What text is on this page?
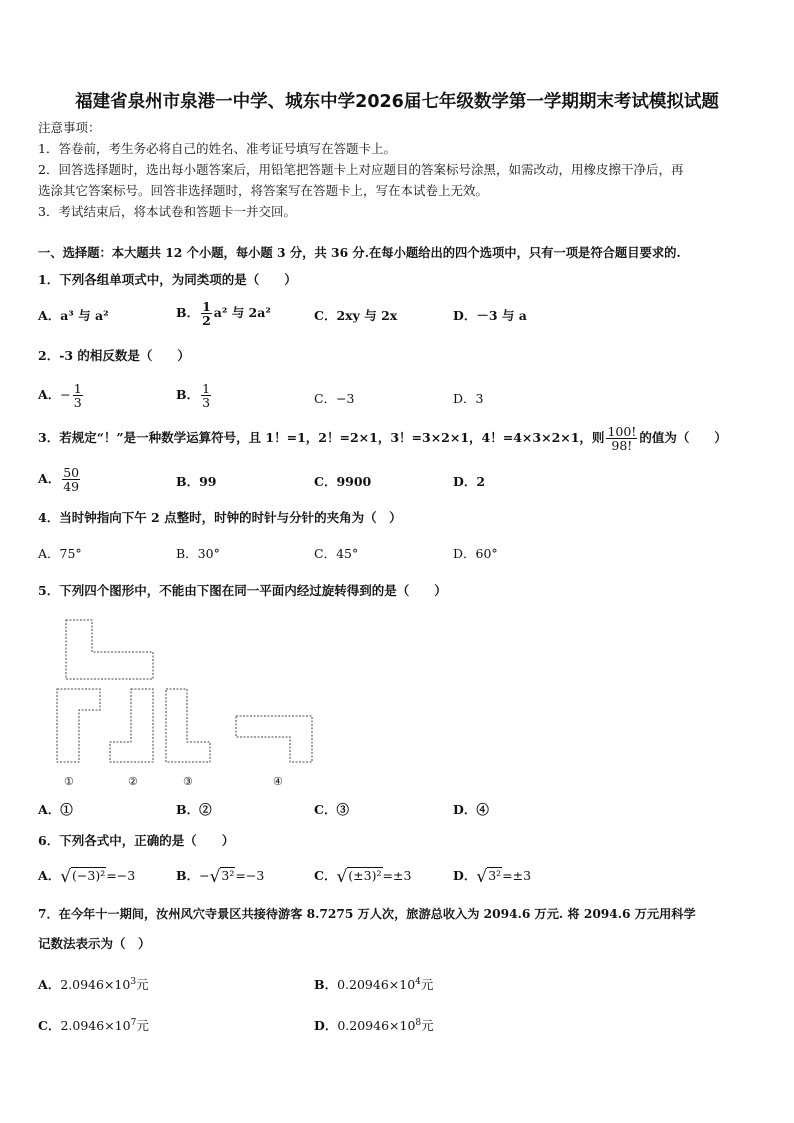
福建省泉州市泉港一中学、城东中学2026届七年级数学第一学期期末考试模拟试题
注意事项：
1．答卷前，考生务必将自己的姓名、准考证号填写在答题卡上。
2．回答选择题时，选出每小题答案后，用铅笔把答题卡上对应题目的答案标号涂黑，如需改动，用橡皮擦干净后，再
选涂其它答案标号。回答非选择题时，将答案写在答题卡上，写在本试卷上无效。
3．考试结束后，将本试卷和答题卡一并交回。
一、选择题：本大题共 12 个小题，每小题 3 分，共 36 分.在每小题给出的四个选项中，只有一项是符合题目要求的.
1．下列各组单项式中，为同类项的是（　　）
A．a³ 与 a²	B． $\frac{1}{2} a^2$ 与 2a²	C．2xy 与 2x	D．－3 与 a
2．-3 的相反数是（　　）
A．− $\frac{1}{3}$	B． $\frac{1}{3}$	C．−3	D．3
3．若规定“！”是一种数学运算符号，且 1！=1，2！=2×1，3！=3×2×1，4！=4×3×2×1，则 $\frac{100!}{98!}$ 的值为（　　）
A． $\frac{50}{49}$	B．99	C．9900	D．2
4．当时钟指向下午 2 点整时，时钟的时针与分针的夹角为（　）
A．75°	B．30°	C．45°	D．60°
5．下列四个图形中，不能由下图在同一平面内经过旋转得到的是（　　）
①	②	③	④
A．①	B．②	C．③	D．④
6．下列各式中，正确的是（　　）
A．√(−3)²=−3	B．−√3²=−3	C．√(±3)²=±3	D．√3²=±3
7．在今年十一期间，汝州风穴寺景区共接待游客 8.7275 万人次，旅游总收入为 2094.6 万元. 将 2094.6 万元用科学
记数法表示为（　）
A．$2.0946\times 10^3$元	B．$0.20946\times 10^4$元
C．$2.0946\times 10^7$元	D．$0.20946\times 10^8$元
